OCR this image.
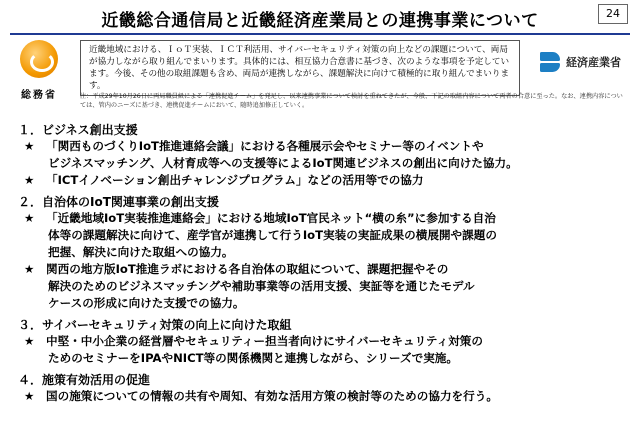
近畿総合通信局と近畿経済産業局との連携事業について	24
総務省
近畿地域における、ＩｏＴ実装、ＩＣＴ利活用、サイバーセキュリティ対策の向上などの課題について、両局が協力しながら取り組んでまいります。具体的には、相互協力合意書に基づき、次のような事項を予定しています。今後、その他の取組課題も含め、両局が連携しながら、課題解決に向けて積極的に取り組んでまいります。
注：平成29年10月26日に両局職員級による「連携促進チーム」を発足し、以来連携事業について検討を重ねてきたが、今般、下記の取組内容について両者の合意に至った。なお、連携内容については、管内のニーズに基づき、連携促進チームにおいて、随時追加修正していく。
経済産業省
１．ビジネス創出支援
★ 「関西ものづくりIoT推進連絡会議」における各種展示会やセミナー等のイベントや
ビジネスマッチング、人材育成等への支援等によるIoT関連ビジネスの創出に向けた協力。
★ 「ICTイノベーション創出チャレンジプログラム」などの活用等での協力
２．自治体のIoT関連事業の創出支援
★ 「近畿地域IoT実装推進連絡会」における地域IoT官民ネット“横の糸”に参加する自治
体等の課題解決に向けて、産学官が連携して行うIoT実装の実証成果の横展開や課題の
把握、解決に向けた取組への協力。
★ 関西の地方版IoT推進ラボにおける各自治体の取組について、課題把握やその
解決のためのビジネスマッチングや補助事業等の活用支援、実証等を通じたモデル
ケースの形成に向けた支援での協力。
３．サイバーセキュリティ対策の向上に向けた取組
★ 中堅・中小企業の経営層やセキュリティー担当者向けにサイバーセキュリティ対策の
ためのセミナーをIPAやNICT等の関係機関と連携しながら、シリーズで実施。
４．施策有効活用の促進
★ 国の施策についての情報の共有や周知、有効な活用方策の検討等のための協力を行う。
